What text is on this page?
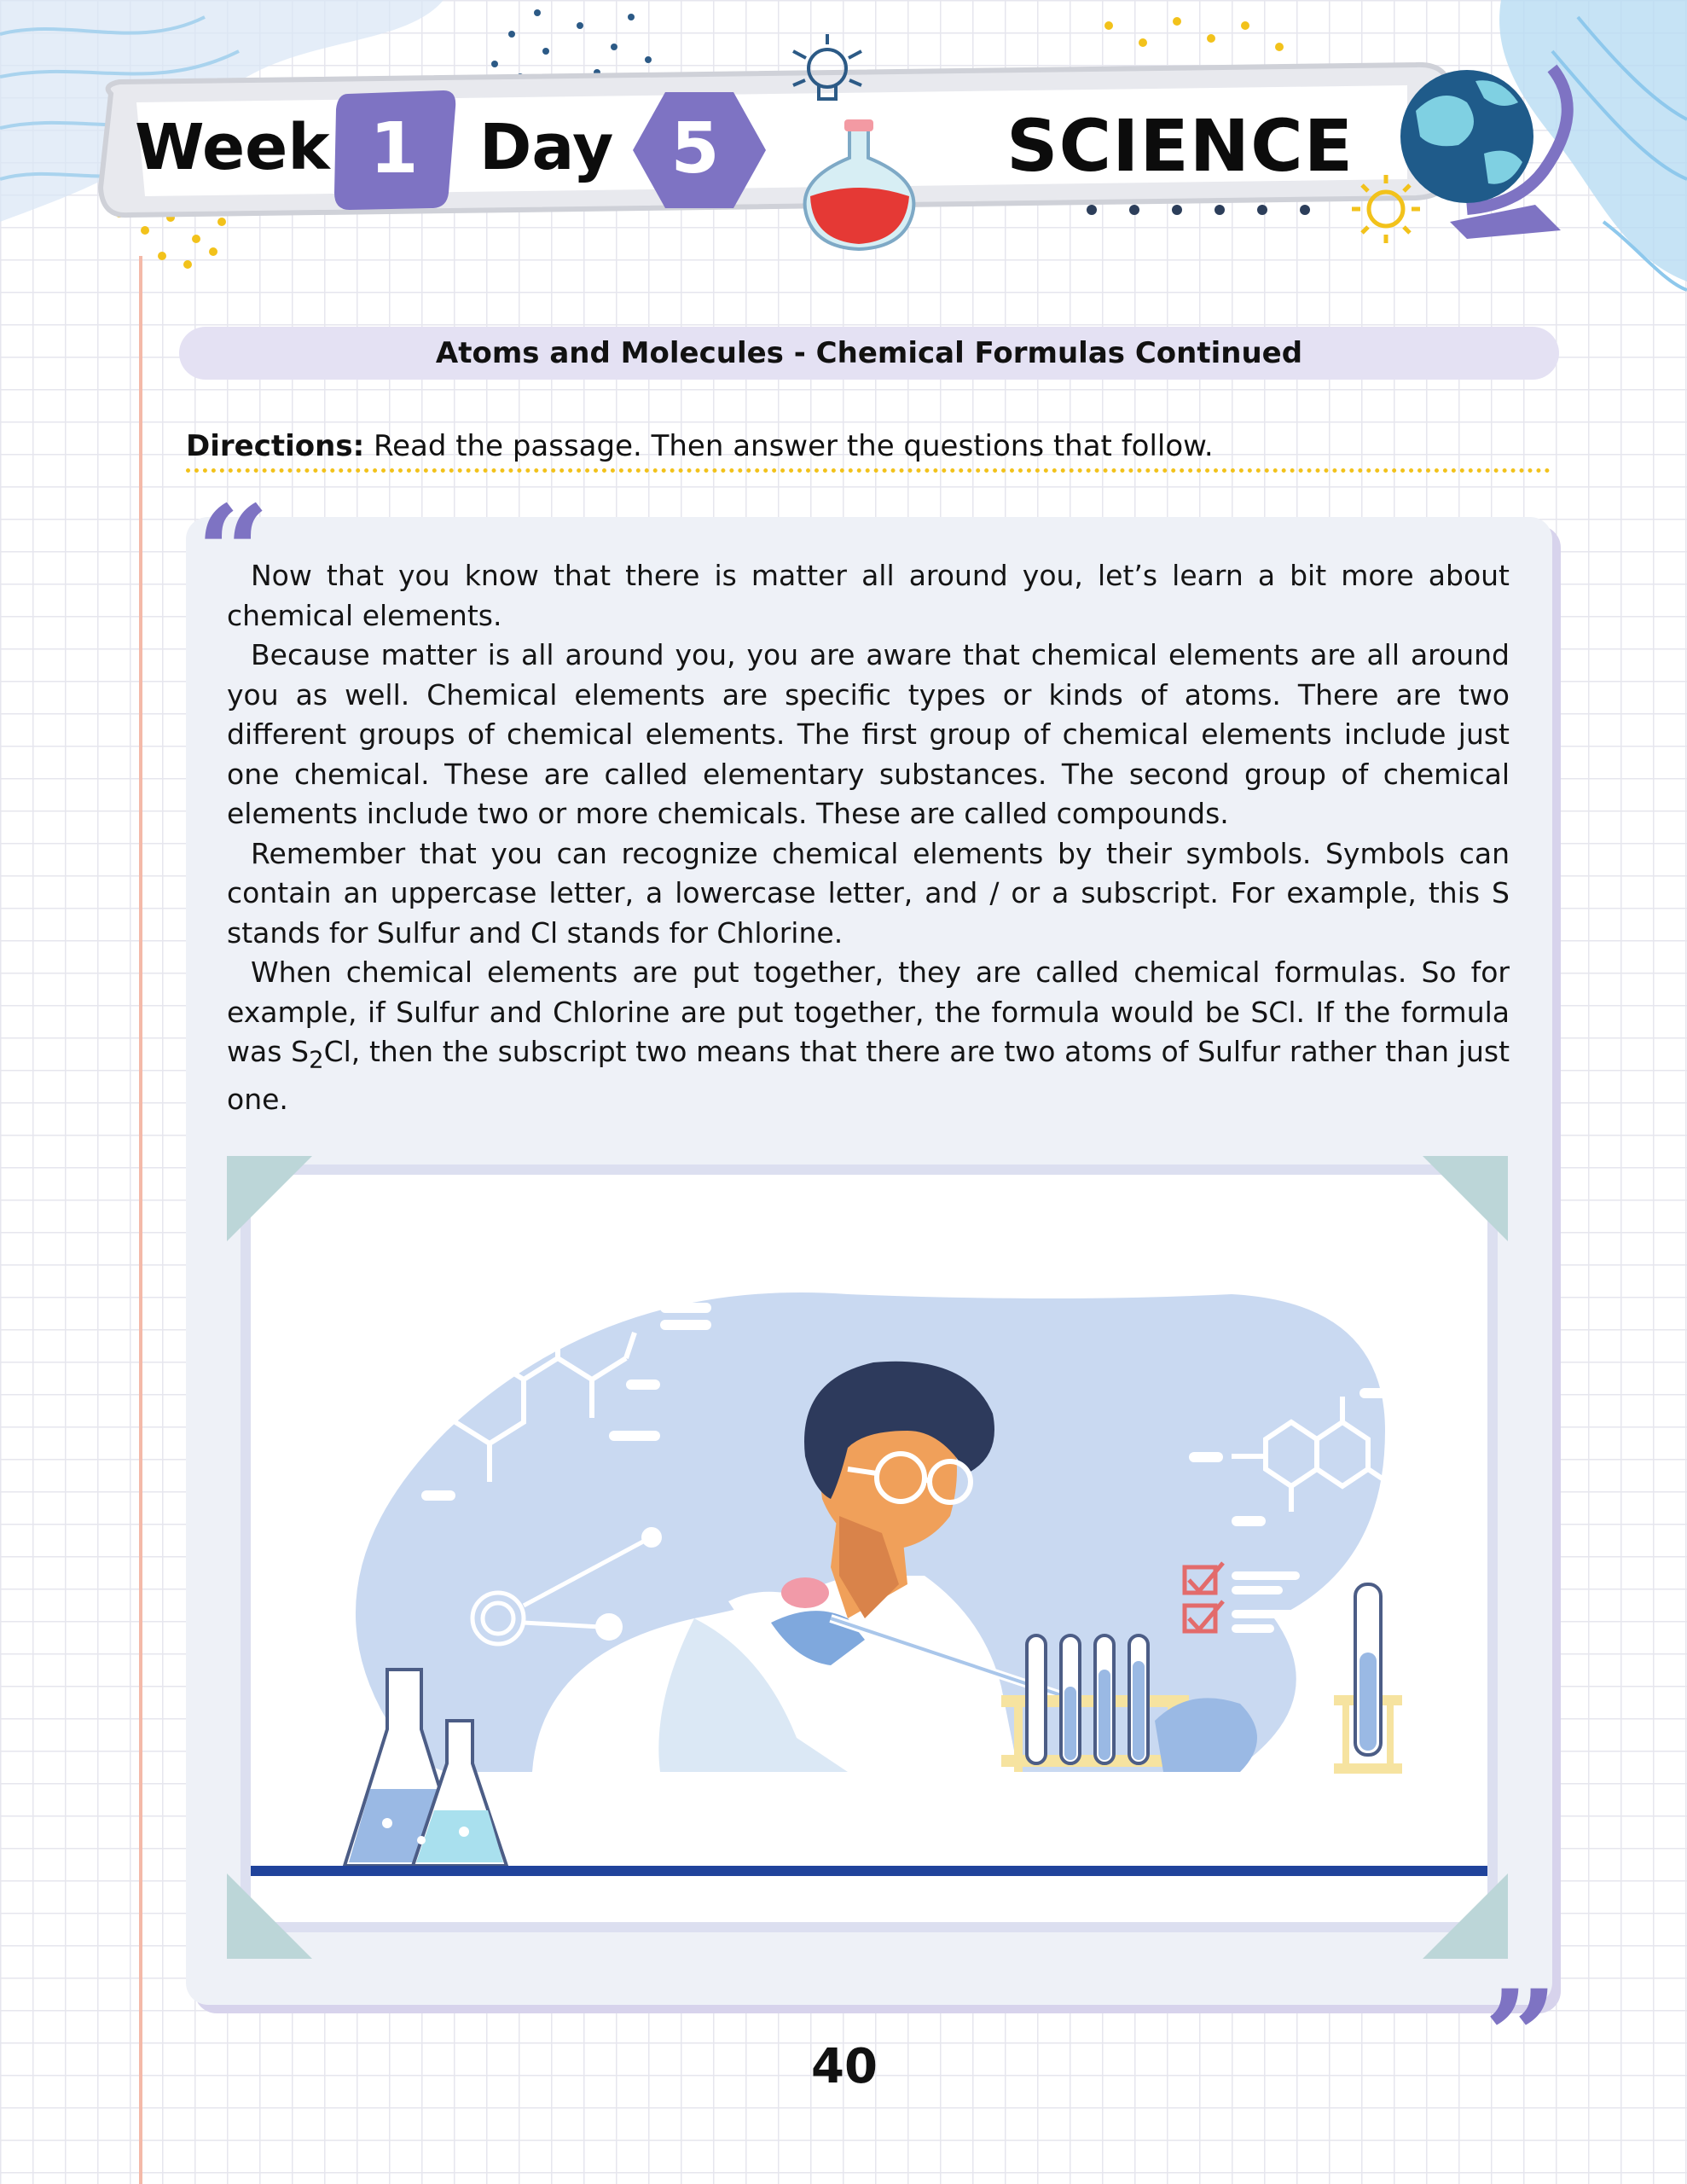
Week 1 Day 5	SCIENCE
Atoms and Molecules - Chemical Formulas Continued
Directions: Read the passage. Then answer the questions that follow.
“
”

Now that you know that there is matter all around you, let’s learn a bit more about chemical elements.

Because matter is all around you, you are aware that chemical elements are all around you as well. Chemical elements are specific types or kinds of atoms. There are two different groups of chemical elements. The first group of chemical elements include just one chemical. These are called elementary substances. The second group of chemical elements include two or more chemicals. These are called compounds.

Remember that you can recognize chemical elements by their symbols. Symbols can contain an uppercase letter, a lowercase letter, and / or a subscript. For example, this S stands for Sulfur and Cl stands for Chlorine.

When chemical elements are put together, they are called chemical formulas. So for example, if Sulfur and Chlorine are put together, the formula would be SCl. If the formula was $S_2Cl$, then the subscript two means that there are two atoms of Sulfur rather than just one.

40
